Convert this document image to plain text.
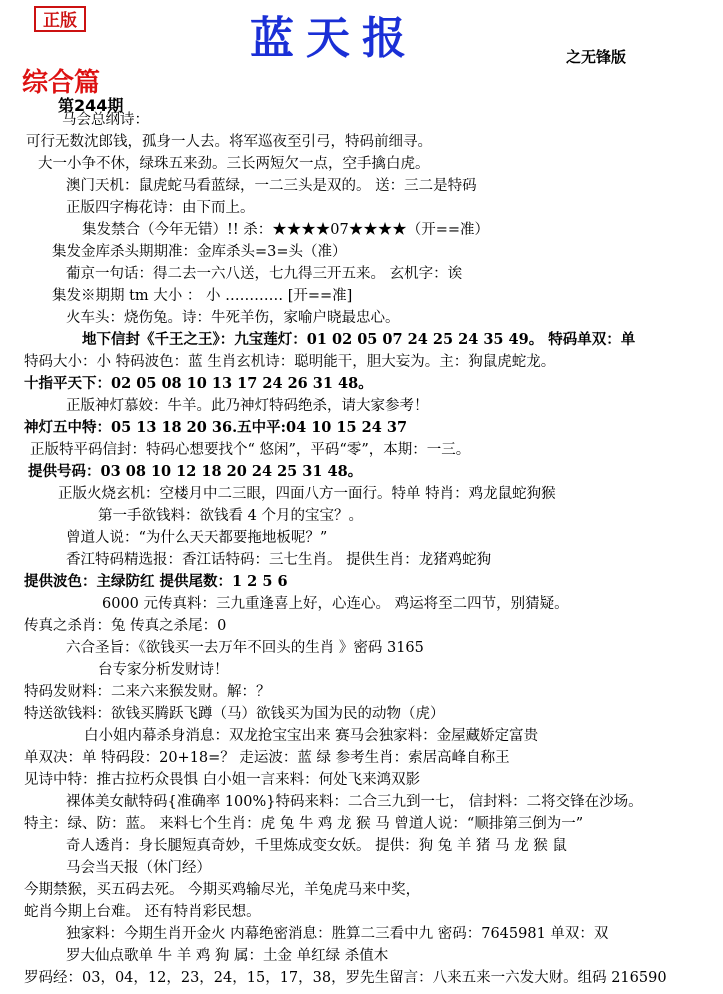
正版	蓝天报	之无锋版
综合篇
第244期
马会总纲诗：
可行无数沈郎钱，孤身一人去。将军巡夜至引弓，特码前细寻。
大一小争不休，绿珠五来劲。三长两短欠一点，空手擒白虎。
澳门天机：鼠虎蛇马看蓝绿，一二三头是双的。 送：三二是特码
正版四字梅花诗：由下而上。
集发禁合（今年无错）!! 杀：★★★★07★★★★（开==准）
集发金库杀头期期准：金库杀头=3=头（准）
葡京一句话：得二去一六八送，七九得三开五来。 玄机字：诶
集发※期期 tm 大小 ： 小 ………… [开==准]
火车头：烧伤兔。诗：牛死羊伤，家喻户晓最忠心。
地下信封《千王之王》：九宝莲灯：01 02 05 07 24 25 24 35 49。 特码单双：单
特码大小：小 特码波色：蓝 生肖玄机诗：聪明能干，胆大妄为。主：狗鼠虎蛇龙。
十指平天下：02 05 08 10 13 17 24 26 31 48。
正版神灯慕姣：牛羊。此乃神灯特码绝杀，请大家参考！
神灯五中特：05 13 18 20 36.五中平:04 10 15 24 37
正版特平码信封：特码心想要找个“ 悠闲”，平码“零”，本期：一三。
提供号码：03 08 10 12 18 20 24 25 31 48。
正版火烧玄机：空楼月中二三眼，四面八方一面行。特单 特肖：鸡龙鼠蛇狗猴
第一手欲钱料：欲钱看 4 个月的宝宝？。
曾道人说：“为什么天天都要拖地板呢？”
香江特码精选报：香江话特码：三七生肖。 提供生肖：龙猪鸡蛇狗
提供波色：主绿防红 提供尾数：1 2 5 6
6000 元传真料：三九重逢喜上好，心连心。 鸡运将至二四节，别猜疑。
传真之杀肖：兔 传真之杀尾：0
六合圣旨：《欲钱买一去万年不回头的生肖 》密码 3165
台专家分析发财诗！
特码发财料：二来六来猴发财。解：？
特送欲钱料：欲钱买腾跃飞蹲（马）欲钱买为国为民的动物（虎）
白小姐内幕杀身消息：双龙抢宝宝出来 赛马会独家料：金屋藏娇定富贵
单双决：单 特码段：20+18=？ 走运波：蓝 绿 参考生肖：索居高峰自称王
见诗中特：推古拉朽众畏惧 白小姐一言来料：何处飞来鸿双影
裸体美女献特码{准确率 100%}特码来料：二合三九到一七， 信封料：二将交锋在沙场。
特主：绿、防：蓝。 来料七个生肖：虎 兔 牛 鸡 龙 猴 马 曾道人说：“顺排第三倒为一”
奇人透肖：身长腿短真奇妙，千里炼成变女妖。 提供：狗 兔 羊 猪 马 龙 猴 鼠
马会当天报（休门经）
今期禁猴，买五码去死。 今期买鸡输尽光，羊兔虎马来中奖，
蛇肖今期上台难。 还有特肖彩民想。
独家料：今期生肖开金火 内幕绝密消息：胜算二三看中九 密码：7645981 单双：双
罗大仙点歌单 牛 羊 鸡 狗 属：土金 单红绿 杀值木
罗码经：03，04，12，23，24，15，17，38，罗先生留言：八来五来一六发大财。组码 216590
